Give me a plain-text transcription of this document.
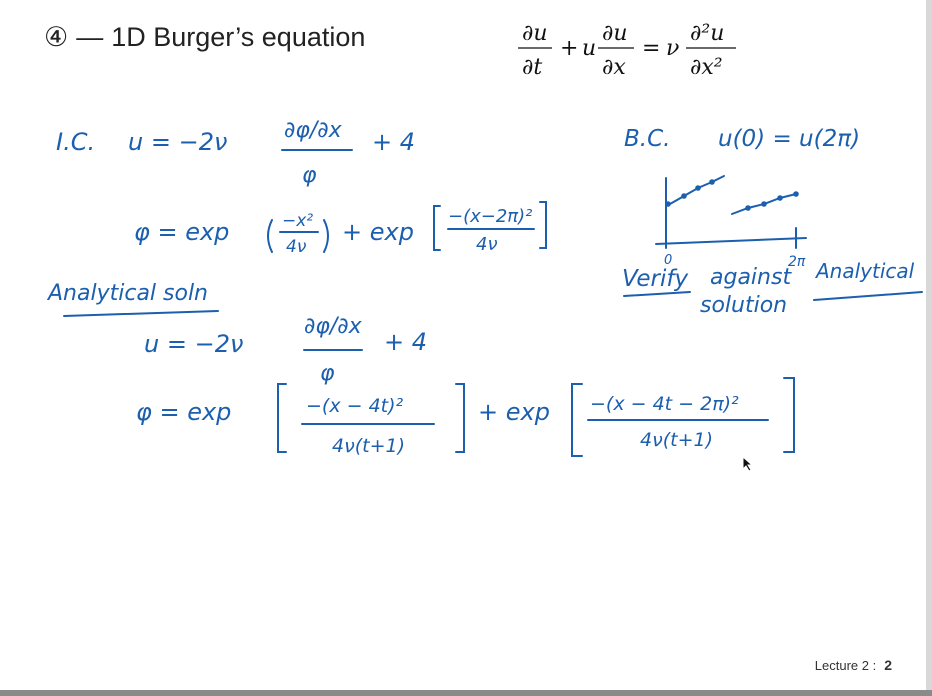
④ — 1D Burger’s equation	∂u
∂t
+ u
∂u
∂x
= ν
∂²u
∂x²
I.C. u = −2ν	∂φ/∂x
φ
+ 4
φ = exp	−x²
4ν
+ exp
−(x−2π)²
4ν
B.C. u(0) = u(2π)
0	2π
Verify against Analytical
solution
Analytical soln
u = −2ν
∂φ/∂x
φ
+ 4
φ = exp	−(x − 4t)²
4ν(t+1)
+ exp −(x − 4t − 2π)²
4ν(t+1)
Lecture 2 : 2
